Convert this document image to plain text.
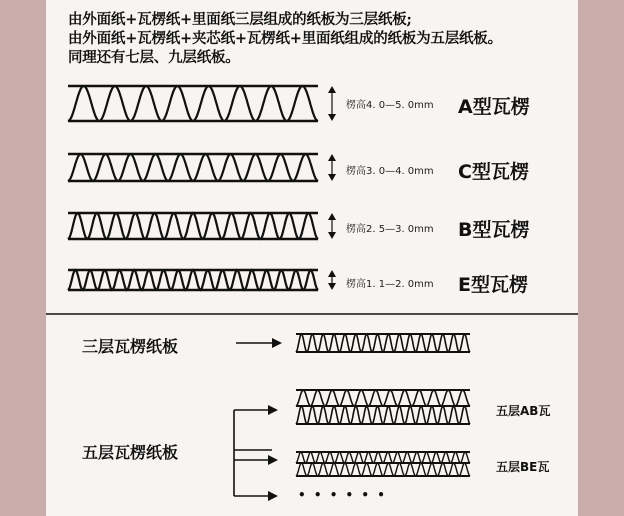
由外面纸+瓦楞纸+里面纸三层组成的纸板为三层纸板;
由外面纸+瓦楞纸+夹芯纸+瓦楞纸+里面纸组成的纸板为五层纸板。
同理还有七层、九层纸板。
楞高4. 0—5. 0mm A型瓦楞
楞高3. 0—4. 0mm C型瓦楞
楞高2. 5—3. 0mm B型瓦楞
楞高1. 1—2. 0mm E型瓦楞
三层瓦楞纸板
五层瓦楞纸板
五层AB瓦
五层BE瓦
• • • • • •
